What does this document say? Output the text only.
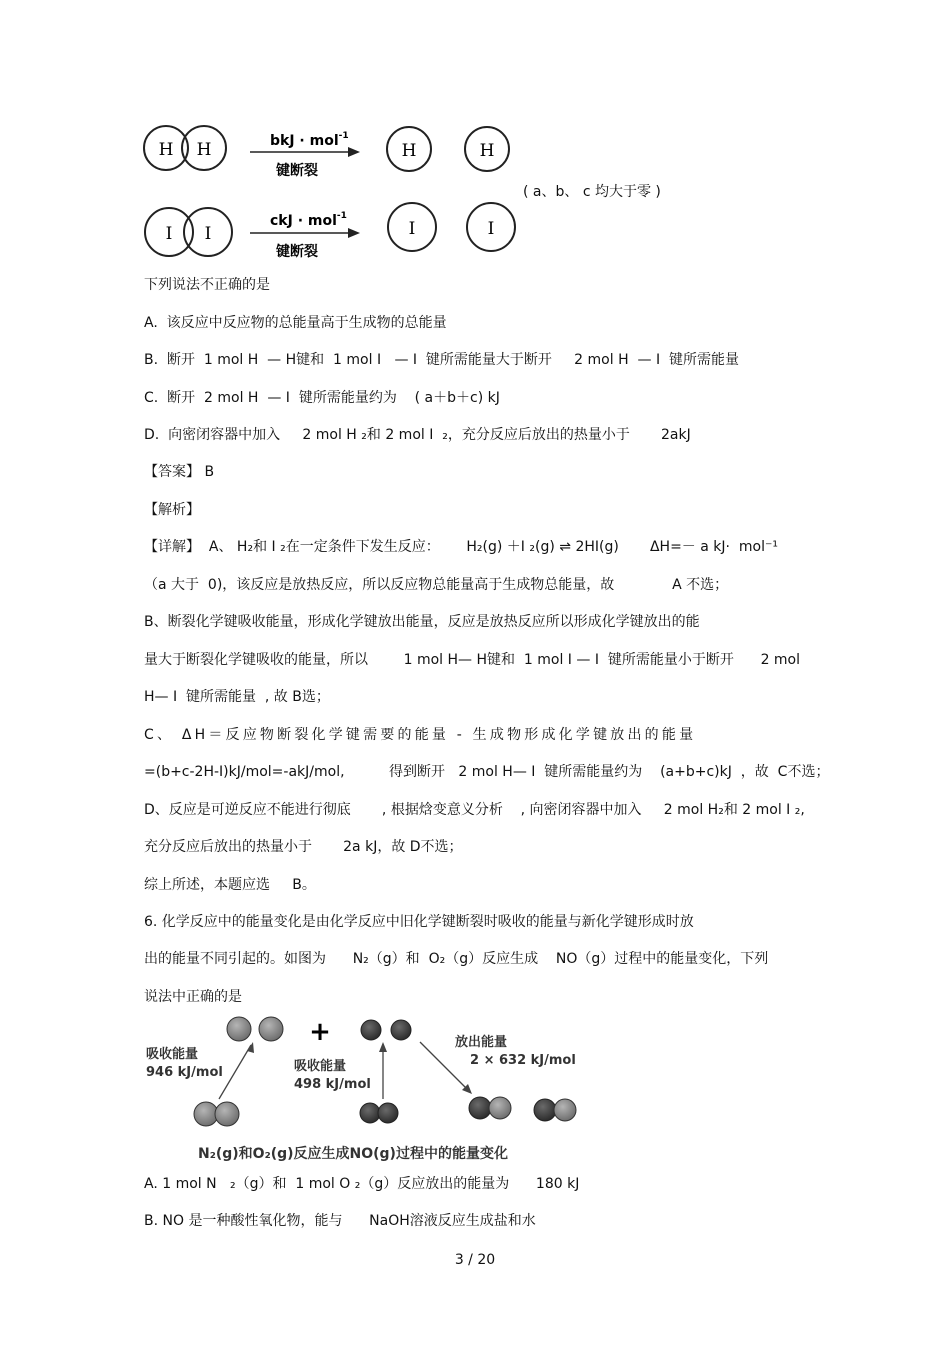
H H	bkJ · mol$^{-1}$
键断裂
H	H
I I
ckJ · mol$^{-1}$
键断裂
I	I
( a、b、 c 均大于零 )
下列说法不正确的是
A.  该反应中反应物的总能量高于生成物的总能量
B.  断开  1 mol H  — H键和  1 mol I   — I  键所需能量大于断开     2 mol H  — I  键所需能量
C.  断开  2 mol H  — I  键所需能量约为    ( a＋b＋c) kJ
D.  向密闭容器中加入     2 mol H ₂和 2 mol I  ₂，充分反应后放出的热量小于       2akJ
【答案】 B
【解析】
【详解】  A、 H₂和 I ₂在一定条件下发生反应：      H₂(g) ＋I ₂(g) ⇌ 2HI(g)       ΔH=－ a kJ·  mol⁻¹
（a 大于  0)，该反应是放热反应，所以反应物总能量高于生成物总能量，故             A 不选；
B、断裂化学键吸收能量，形成化学键放出能量，反应是放热反应所以形成化学键放出的能
量大于断裂化学键吸收的能量，所以        1 mol H— H键和  1 mol I — I  键所需能量小于断开      2 mol
H— I  键所需能量  , 故 B选；
C、 ΔH＝反应物断裂化学键需要的能量 - 生成物形成化学键放出的能量
=(b+c-2H-I)kJ/mol=-akJ/mol,          得到断开   2 mol H— I  键所需能量约为    (a+b+c)kJ  ，故  C不选；
D、反应是可逆反应不能进行彻底       , 根据焓变意义分析    , 向密闭容器中加入     2 mol H₂和 2 mol I ₂,
充分反应后放出的热量小于       2a kJ，故 D不选；
综上所述，本题应选     B。
6. 化学反应中的能量变化是由化学反应中旧化学键断裂时吸收的能量与新化学键形成时放
出的能量不同引起的。如图为      N₂（g）和  O₂（g）反应生成    NO（g）过程中的能量变化，下列
说法中正确的是
+
吸收能量
946 kJ/mol	吸收能量
498 kJ/mol
放出能量
2 × 632 kJ/mol
N₂(g)和O₂(g)反应生成NO(g)过程中的能量变化
A. 1 mol N   ₂（g）和  1 mol O ₂（g）反应放出的能量为      180 kJ
B. NO 是一种酸性氧化物，能与      NaOH溶液反应生成盐和水
3 / 20
